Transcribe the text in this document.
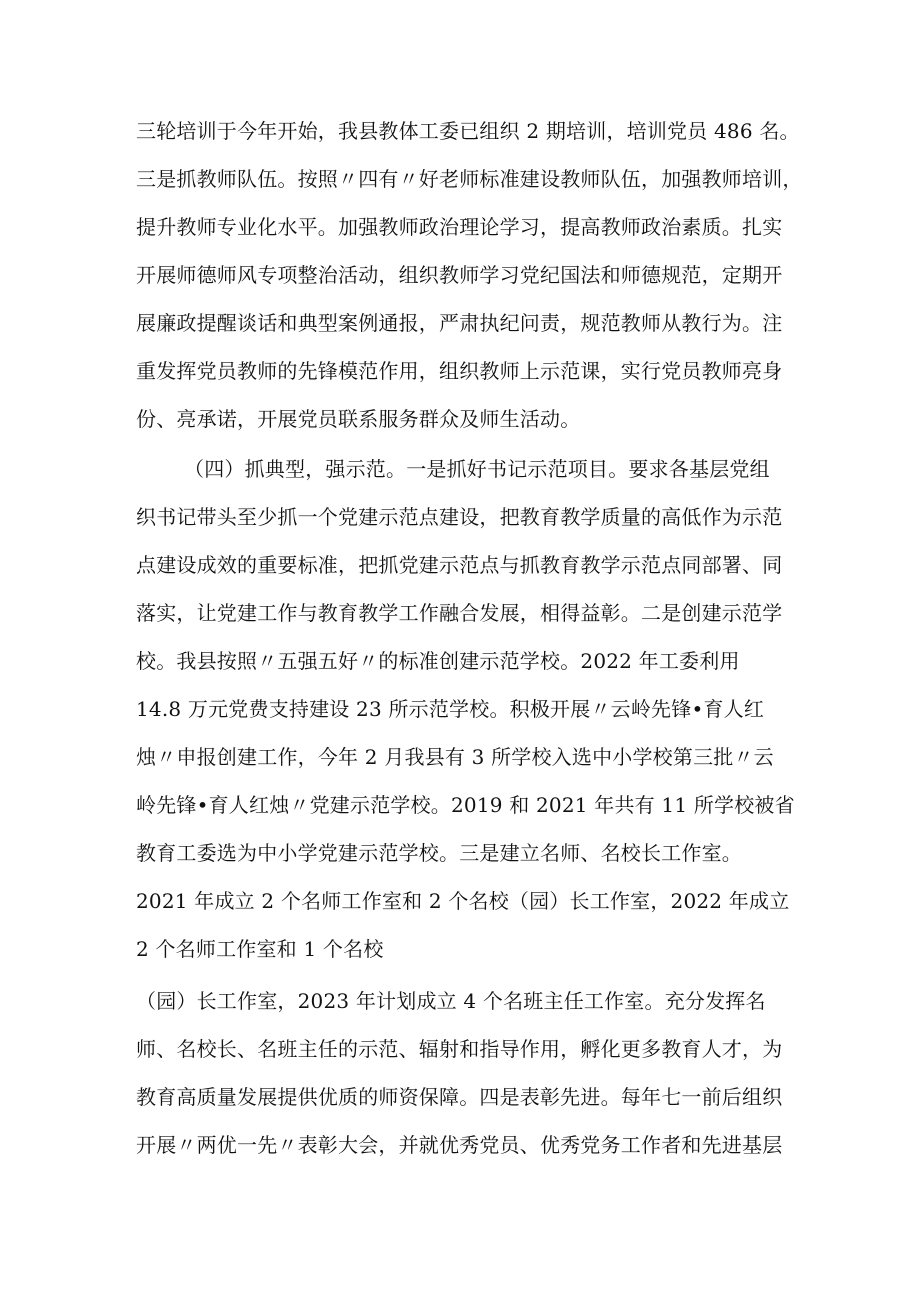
三轮培训于今年开始，我县教体工委已组织 2 期培训，培训党员 486 名。
三是抓教师队伍。按照〃四有〃好老师标准建设教师队伍，加强教师培训，
提升教师专业化水平。加强教师政治理论学习，提高教师政治素质。扎实
开展师德师风专项整治活动，组织教师学习党纪国法和师德规范，定期开
展廉政提醒谈话和典型案例通报，严肃执纪问责，规范教师从教行为。注
重发挥党员教师的先锋模范作用，组织教师上示范课，实行党员教师亮身
份、亮承诺，开展党员联系服务群众及师生活动。
（四）抓典型，强示范。一是抓好书记示范项目。要求各基层党组
织书记带头至少抓一个党建示范点建设，把教育教学质量的高低作为示范
点建设成效的重要标准，把抓党建示范点与抓教育教学示范点同部署、同
落实，让党建工作与教育教学工作融合发展，相得益彰。二是创建示范学
校。我县按照〃五强五好〃的标准创建示范学校。2022 年工委利用
14.8 万元党费支持建设 23 所示范学校。积极开展〃云岭先锋•育人红
烛〃申报创建工作，今年 2 月我县有 3 所学校入选中小学校第三批〃云
岭先锋•育人红烛〃党建示范学校。2019 和 2021 年共有 11 所学校被省
教育工委选为中小学党建示范学校。三是建立名师、名校长工作室。
2021 年成立 2 个名师工作室和 2 个名校（园）长工作室，2022 年成立
2 个名师工作室和 1 个名校
（园）长工作室，2023 年计划成立 4 个名班主任工作室。充分发挥名
师、名校长、名班主任的示范、辐射和指导作用，孵化更多教育人才，为
教育高质量发展提供优质的师资保障。四是表彰先进。每年七一前后组织
开展〃两优一先〃表彰大会，并就优秀党员、优秀党务工作者和先进基层
